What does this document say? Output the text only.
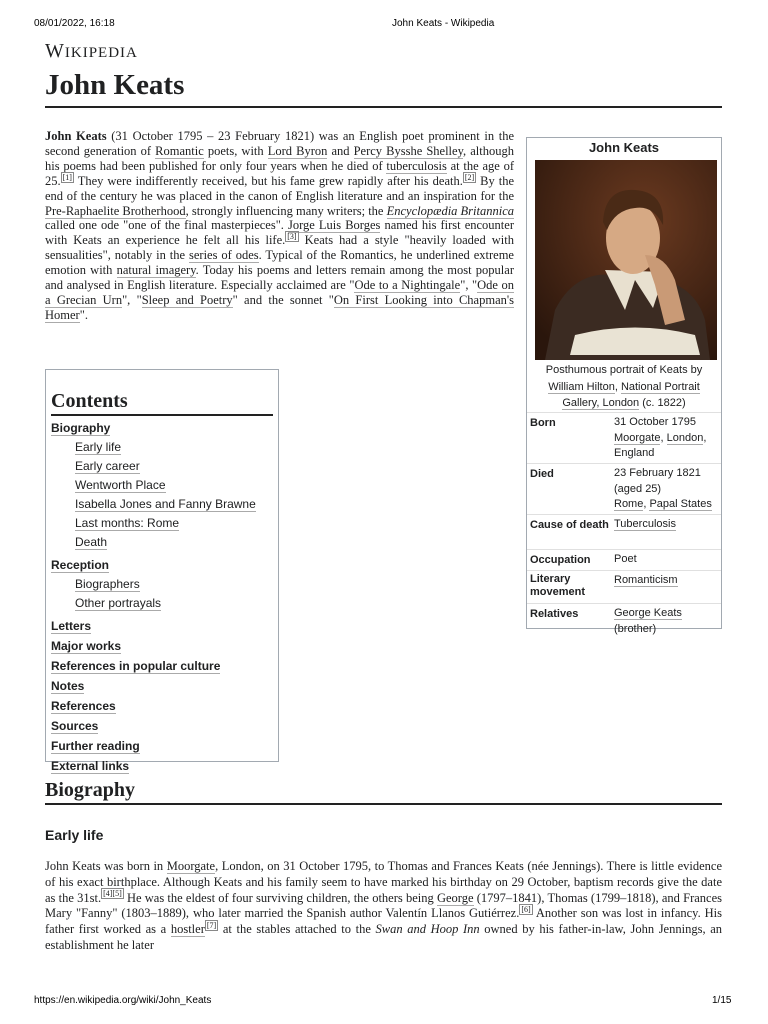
08/01/2022, 16:18	John Keats - Wikipedia
WIKIPEDIA
John Keats
John Keats (31 October 1795 – 23 February 1821) was an English poet prominent in the second generation of Romantic poets, with Lord Byron and Percy Bysshe Shelley, although his poems had been published for only four years when he died of tuberculosis at the age of 25. [1] They were indifferently received, but his fame grew rapidly after his death. [2] By the end of the century he was placed in the canon of English literature and an inspiration for the Pre-Raphaelite Brotherhood, strongly influencing many writers; the Encyclopædia Britannica called one ode "one of the final masterpieces". Jorge Luis Borges named his first encounter with Keats an experience he felt all his life. [3] Keats had a style "heavily loaded with sensualities", notably in the series of odes. Typical of the Romantics, he underlined extreme emotion with natural imagery. Today his poems and letters remain among the most popular and analysed in English literature. Especially acclaimed are "Ode to a Nightingale", "Ode on a Grecian Urn", "Sleep and Poetry" and the sonnet "On First Looking into Chapman's Homer".
John Keats
Posthumous portrait of Keats by William Hilton, National Portrait Gallery, London (c. 1822)
Born	31 October 1795
Moorgate, London,
England
Died	23 February 1821
(aged 25)
Rome, Papal States
Cause of death Tuberculosis
Occupation	Poet
Literary movement
Romanticism
Relatives	George Keats
(brother)
Contents
Biography
Early life
Early career
Wentworth Place
Isabella Jones and Fanny Brawne
Last months: Rome
Death
Reception
Biographers
Other portrayals
Letters
Major works
References in popular culture
Notes
References
Sources
Further reading
External links
Biography
Early life
John Keats was born in Moorgate, London, on 31 October 1795, to Thomas and Frances Keats (née Jennings). There is little evidence of his exact birthplace. Although Keats and his family seem to have marked his birthday on 29 October, baptism records give the date as the 31st. [4][5] He was the eldest of four surviving children, the others being George (1797–1841), Thomas (1799–1818), and Frances Mary "Fanny" (1803–1889), who later married the Spanish author Valentín Llanos Gutiérrez. [6] Another son was lost in infancy. His father first worked as a hostler [7] at the stables attached to the Swan and Hoop Inn owned by his father-in-law, John Jennings, an establishment he later
https://en.wikipedia.org/wiki/John_Keats	1/15
